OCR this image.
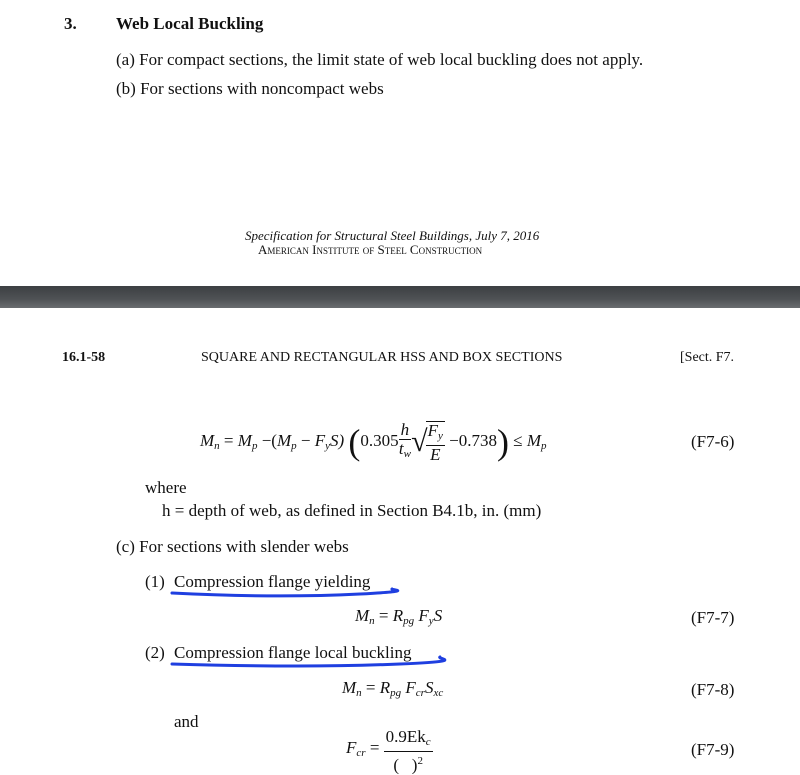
3. Web Local Buckling
(a) For compact sections, the limit state of web local buckling does not apply.
(b) For sections with noncompact webs
Specification for Structural Steel Buildings, July 7, 2016
American Institute of Steel Construction
16.1-58	SQUARE AND RECTANGULAR HSS AND BOX SECTIONS	[Sect. F7.
$M_n = M_p -(M_p - F_yS)$ ($0.305 \frac{h}{t_w}$ √
$\frac{F_y}{E} -0.738) \le M_p$	(F7-6)
where
h = depth of web, as defined in Section B4.1b, in. (mm)
(c) For sections with slender webs
(1) Compression flange yielding
$M_n = R_{pg}$ $F_yS$	(F7-7)
(2) Compression flange local buckling
$M_n = R_{pg}$ $F_{cr}S_{xc}$	(F7-8)
and
$F_{cr} = \frac{0.9Ek_c}{( )^2}$	(F7-9)
